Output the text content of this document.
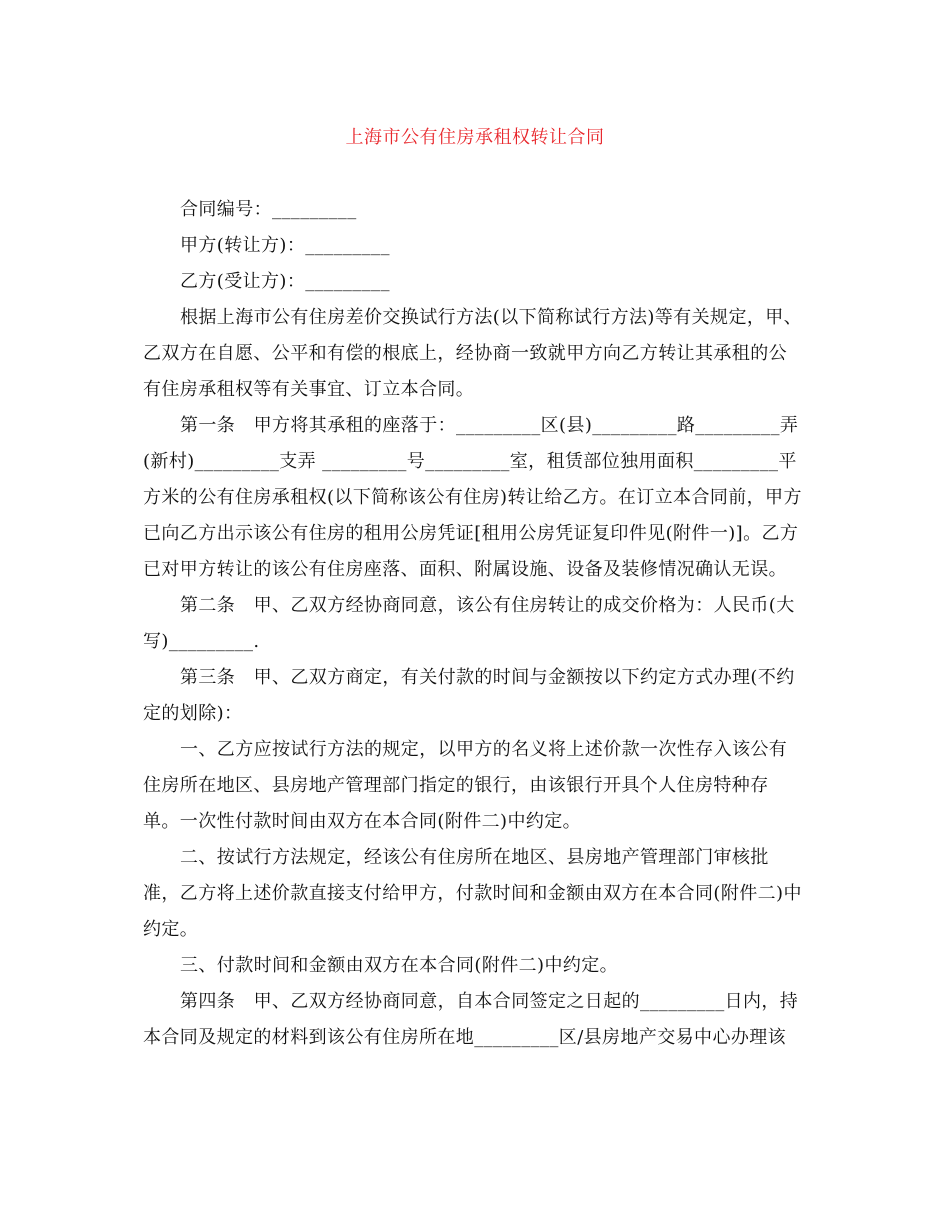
上海市公有住房承租权转让合同

合同编号：_________

甲方(转让方)：_________

乙方(受让方)：_________

根据上海市公有住房差价交换试行方法(以下简称试行方法)等有关规定，甲、乙双方在自愿、公平和有偿的根底上，经协商一致就甲方向乙方转让其承租的公有住房承租权等有关事宜、订立本合同。

第一条　甲方将其承租的座落于：_________区(县)_________路_________弄(新村)_________支弄 _________号_________室，租赁部位独用面积_________平方米的公有住房承租权(以下简称该公有住房)转让给乙方。在订立本合同前，甲方已向乙方出示该公有住房的租用公房凭证[租用公房凭证复印件见(附件一)]。乙方已对甲方转让的该公有住房座落、面积、附属设施、设备及装修情况确认无误。

第二条　甲、乙双方经协商同意，该公有住房转让的成交价格为：人民币(大写)_________.

第三条　甲、乙双方商定，有关付款的时间与金额按以下约定方式办理(不约定的划除)：

一、乙方应按试行方法的规定，以甲方的名义将上述价款一次性存入该公有住房所在地区、县房地产管理部门指定的银行，由该银行开具个人住房特种存单。一次性付款时间由双方在本合同(附件二)中约定。

二、按试行方法规定，经该公有住房所在地区、县房地产管理部门审核批准，乙方将上述价款直接支付给甲方，付款时间和金额由双方在本合同(附件二)中约定。

三、付款时间和金额由双方在本合同(附件二)中约定。

第四条　甲、乙双方经协商同意，自本合同签定之日起的_________日内，持本合同及规定的材料到该公有住房所在地_________区/县房地产交易中心办理该
